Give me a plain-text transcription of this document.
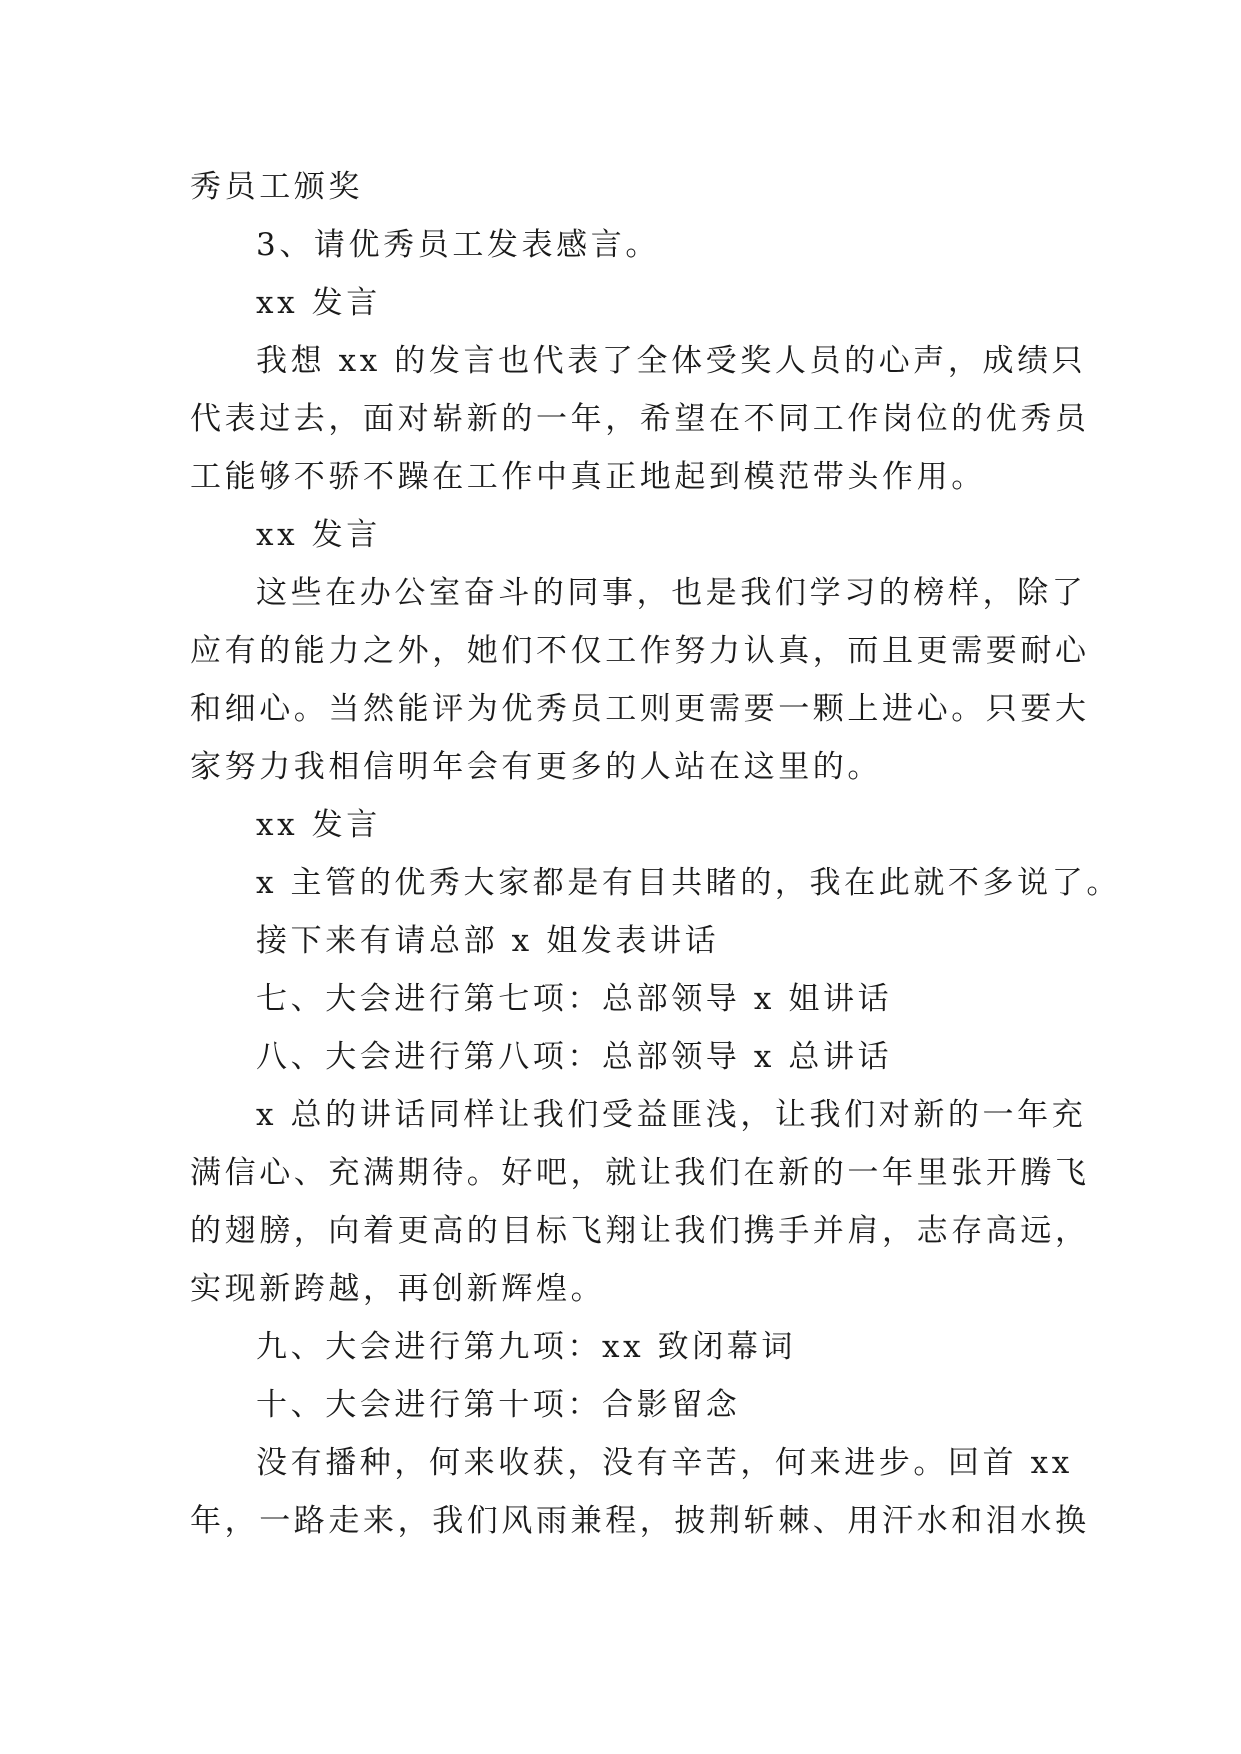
秀员工颁奖

3、请优秀员工发表感言。

xx 发言

我想 xx 的发言也代表了全体受奖人员的心声，成绩只

代表过去，面对崭新的一年，希望在不同工作岗位的优秀员

工能够不骄不躁在工作中真正地起到模范带头作用。

xx 发言

这些在办公室奋斗的同事，也是我们学习的榜样，除了

应有的能力之外，她们不仅工作努力认真，而且更需要耐心

和细心。当然能评为优秀员工则更需要一颗上进心。只要大

家努力我相信明年会有更多的人站在这里的。

xx 发言

x 主管的优秀大家都是有目共睹的，我在此就不多说了。

接下来有请总部 x 姐发表讲话

七、大会进行第七项：总部领导 x 姐讲话

八、大会进行第八项：总部领导 x 总讲话

x 总的讲话同样让我们受益匪浅，让我们对新的一年充

满信心、充满期待。好吧，就让我们在新的一年里张开腾飞

的翅膀，向着更高的目标飞翔让我们携手并肩，志存高远，

实现新跨越，再创新辉煌。

九、大会进行第九项：xx 致闭幕词

十、大会进行第十项：合影留念

没有播种，何来收获，没有辛苦，何来进步。回首 xx

年，一路走来，我们风雨兼程，披荆斩棘、用汗水和泪水换
